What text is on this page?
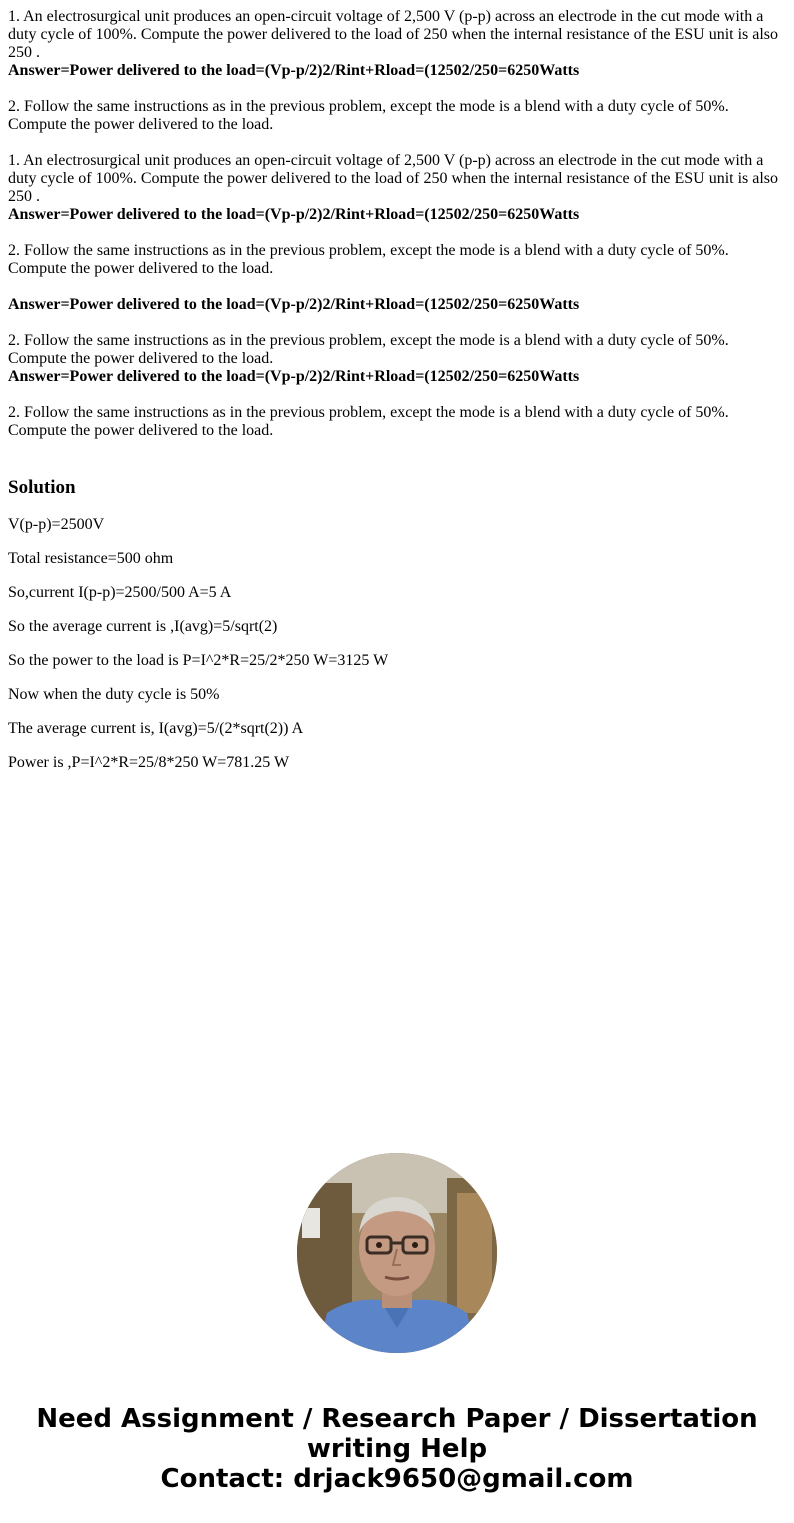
1. An electrosurgical unit produces an open-circuit voltage of 2,500 V (p-p) across an electrode in the cut mode with a duty cycle of 100%. Compute the power delivered to the load of 250 when the internal resistance of the ESU unit is also 250 .

Answer=Power delivered to the load=(Vp-p/2)2/Rint+Rload=(12502/250=6250Watts

2. Follow the same instructions as in the previous problem, except the mode is a blend with a duty cycle of 50%. Compute the power delivered to the load.

1. An electrosurgical unit produces an open-circuit voltage of 2,500 V (p-p) across an electrode in the cut mode with a duty cycle of 100%. Compute the power delivered to the load of 250 when the internal resistance of the ESU unit is also 250 .

Answer=Power delivered to the load=(Vp-p/2)2/Rint+Rload=(12502/250=6250Watts

2. Follow the same instructions as in the previous problem, except the mode is a blend with a duty cycle of 50%. Compute the power delivered to the load.

Answer=Power delivered to the load=(Vp-p/2)2/Rint+Rload=(12502/250=6250Watts

2. Follow the same instructions as in the previous problem, except the mode is a blend with a duty cycle of 50%. Compute the power delivered to the load.

Answer=Power delivered to the load=(Vp-p/2)2/Rint+Rload=(12502/250=6250Watts

2. Follow the same instructions as in the previous problem, except the mode is a blend with a duty cycle of 50%. Compute the power delivered to the load.

Solution

V(p-p)=2500V

Total resistance=500 ohm

So,current I(p-p)=2500/500 A=5 A

So the average current is ,I(avg)=5/sqrt(2)

So the power to the load is P=I^2*R=25/2*250 W=3125 W

Now when the duty cycle is 50%

The average current is, I(avg)=5/(2*sqrt(2)) A

Power is ,P=I^2*R=25/8*250 W=781.25 W

Need Assignment / Research Paper / Dissertation
writing Help
Contact: drjack9650@gmail.com
